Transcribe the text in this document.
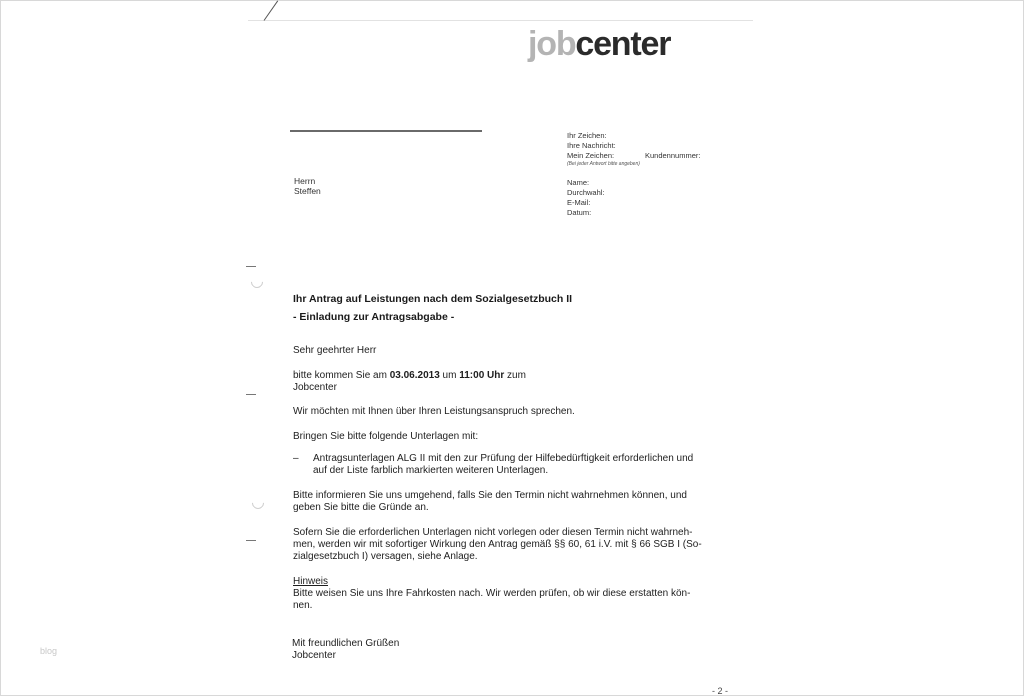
jobcenter
Herrn
Steffen
Ihr Zeichen:
Ihre Nachricht:
Mein Zeichen:	Kundennummer:
(Bei jeder Antwort bitte angeben)
Name:
Durchwahl:
E-Mail:
Datum:
Ihr Antrag auf Leistungen nach dem Sozialgesetzbuch II
- Einladung zur Antragsabgabe -
Sehr geehrter Herr
bitte kommen Sie am 03.06.2013 um 11:00 Uhr zum
Jobcenter
Wir möchten mit Ihnen über Ihren Leistungsanspruch sprechen.
Bringen Sie bitte folgende Unterlagen mit:
– Antragsunterlagen ALG II mit den zur Prüfung der Hilfebedürftigkeit erforderlichen und
auf der Liste farblich markierten weiteren Unterlagen.
Bitte informieren Sie uns umgehend, falls Sie den Termin nicht wahrnehmen können, und
geben Sie bitte die Gründe an.
Sofern Sie die erforderlichen Unterlagen nicht vorlegen oder diesen Termin nicht wahrneh-
men, werden wir mit sofortiger Wirkung den Antrag gemäß §§ 60, 61 i.V. mit § 66 SGB I (So-
zialgesetzbuch I) versagen, siehe Anlage.
Hinweis
Bitte weisen Sie uns Ihre Fahrkosten nach. Wir werden prüfen, ob wir diese erstatten kön-
nen.
Mit freundlichen Grüßen
Jobcenter
- 2 -
blog
